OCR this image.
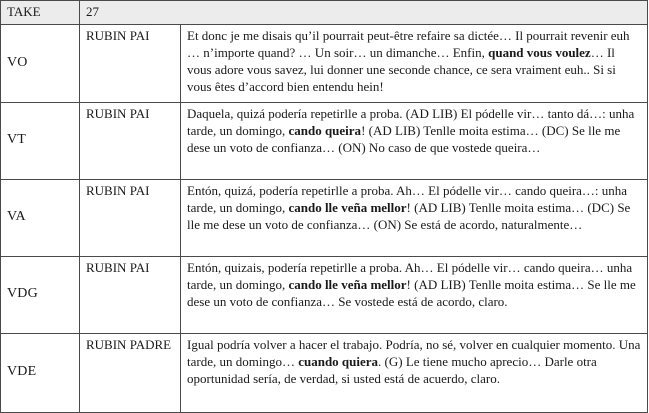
TAKE	27	

VO	RUBIN PAI	Et donc je me disais qu’il pourrait peut-être refaire sa dictée… Il pourrait revenir euh … n’importe quand? … Un soir… un dimanche… Enfin, quand vous voulez… Il vous adore vous savez, lui donner une seconde chance, ce sera vraiment euh.. Si si vous êtes d’accord bien entendu hein!

VT	RUBIN PAI	Daquela, quizá podería repetirlle a proba. (AD LIB) El pódelle vir… tanto dá…: unha tarde, un domingo, cando queira! (AD LIB) Tenlle moita estima… (DC) Se lle me dese un voto de confianza… (ON) No caso de que vostede queira…

VA	RUBIN PAI	Entón, quizá, podería repetirlle a proba. Ah… El pódelle vir… cando queira…: unha tarde, un domingo, cando lle veña mellor! (AD LIB) Tenlle moita estima… (DC) Se lle me dese un voto de confianza… (ON) Se está de acordo, naturalmente…

VDG	RUBIN PAI	Entón, quizais, podería repetirlle a proba. Ah… El pódelle vir… cando queira… unha tarde, un domingo, cando lle veña mellor! (AD LIB) Tenlle moita estima… Se lle me dese un voto de confianza… Se vostede está de acordo, claro.

VDE	RUBIN PADRE	Igual podría volver a hacer el trabajo. Podría, no sé, volver en cualquier momento. Una tarde, un domingo… cuando quiera. (G) Le tiene mucho aprecio… Darle otra oportunidad sería, de verdad, si usted está de acuerdo, claro.
